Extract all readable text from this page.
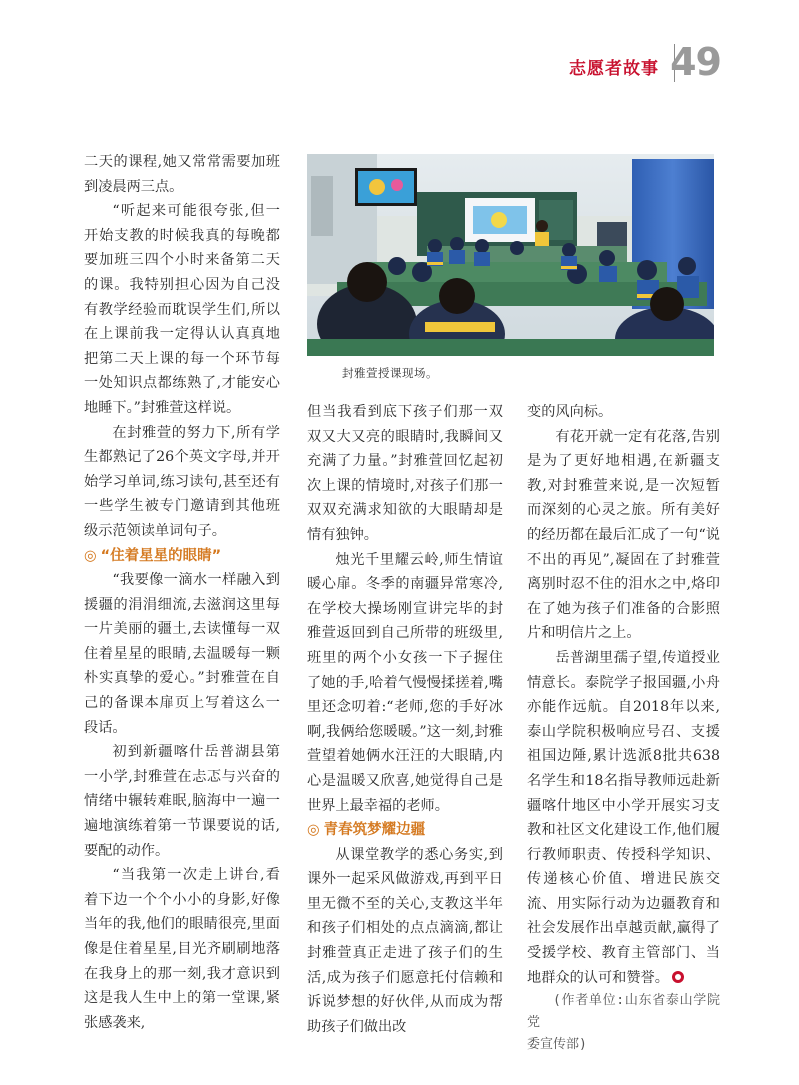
志愿者故事 49

二天的课程,她又常常需要加班到凌晨两三点。

“听起来可能很夸张,但一开始支教的时候我真的每晚都要加班三四个小时来备第二天的课。我特别担心因为自己没有教学经验而耽误学生们,所以在上课前我一定得认认真真地把第二天上课的每一个环节每一处知识点都练熟了,才能安心地睡下。”封雅萱这样说。

在封雅萱的努力下,所有学生都熟记了26个英文字母,并开始学习单词,练习读句,甚至还有一些学生被专门邀请到其他班级示范领读单词句子。

◎ “住着星星的眼睛”

“我要像一滴水一样融入到援疆的涓涓细流,去滋润这里每一片美丽的疆土,去读懂每一双住着星星的眼睛,去温暖每一颗朴实真挚的爱心。”封雅萱在自己的备课本扉页上写着这么一段话。

初到新疆喀什岳普湖县第一小学,封雅萱在忐忑与兴奋的情绪中辗转难眠,脑海中一遍一遍地演练着第一节课要说的话,要配的动作。

“当我第一次走上讲台,看着下边一个个小小的身影,好像当年的我,他们的眼睛很亮,里面像是住着星星,目光齐刷刷地落在我身上的那一刻,我才意识到这是我人生中上的第一堂课,紧张感袭来,

封雅萱授课现场。

但当我看到底下孩子们那一双双又大又亮的眼睛时,我瞬间又充满了力量。”封雅萱回忆起初次上课的情境时,对孩子们那一双双充满求知欲的大眼睛却是情有独钟。

烛光千里耀云岭,师生情谊暖心扉。冬季的南疆异常寒冷,在学校大操场刚宣讲完毕的封雅萱返回到自己所带的班级里,班里的两个小女孩一下子握住了她的手,哈着气慢慢揉搓着,嘴里还念叨着:“老师,您的手好冰啊,我俩给您暖暖。”这一刻,封雅萱望着她俩水汪汪的大眼睛,内心是温暖又欣喜,她觉得自己是世界上最幸福的老师。

◎ 青春筑梦耀边疆

从课堂教学的悉心务实,到课外一起采风做游戏,再到平日里无微不至的关心,支教这半年和孩子们相处的点点滴滴,都让封雅萱真正走进了孩子们的生活,成为孩子们愿意托付信赖和诉说梦想的好伙伴,从而成为帮助孩子们做出改

变的风向标。

有花开就一定有花落,告别是为了更好地相遇,在新疆支教,对封雅萱来说,是一次短暂而深刻的心灵之旅。所有美好的经历都在最后汇成了一句“说不出的再见”,凝固在了封雅萱离别时忍不住的泪水之中,烙印在了她为孩子们准备的合影照片和明信片之上。

岳普湖里孺子望,传道授业情意长。泰院学子报国疆,小舟亦能作远航。自2018年以来,泰山学院积极响应号召、支援祖国边陲,累计选派8批共638名学生和18名指导教师远赴新疆喀什地区中小学开展实习支教和社区文化建设工作,他们履行教师职责、传授科学知识、传递核心价值、增进民族交流、用实际行动为边疆教育和社会发展作出卓越贡献,赢得了受援学校、教育主管部门、当地群众的认可和赞誉。

(作者单位:山东省泰山学院党

委宣传部)
